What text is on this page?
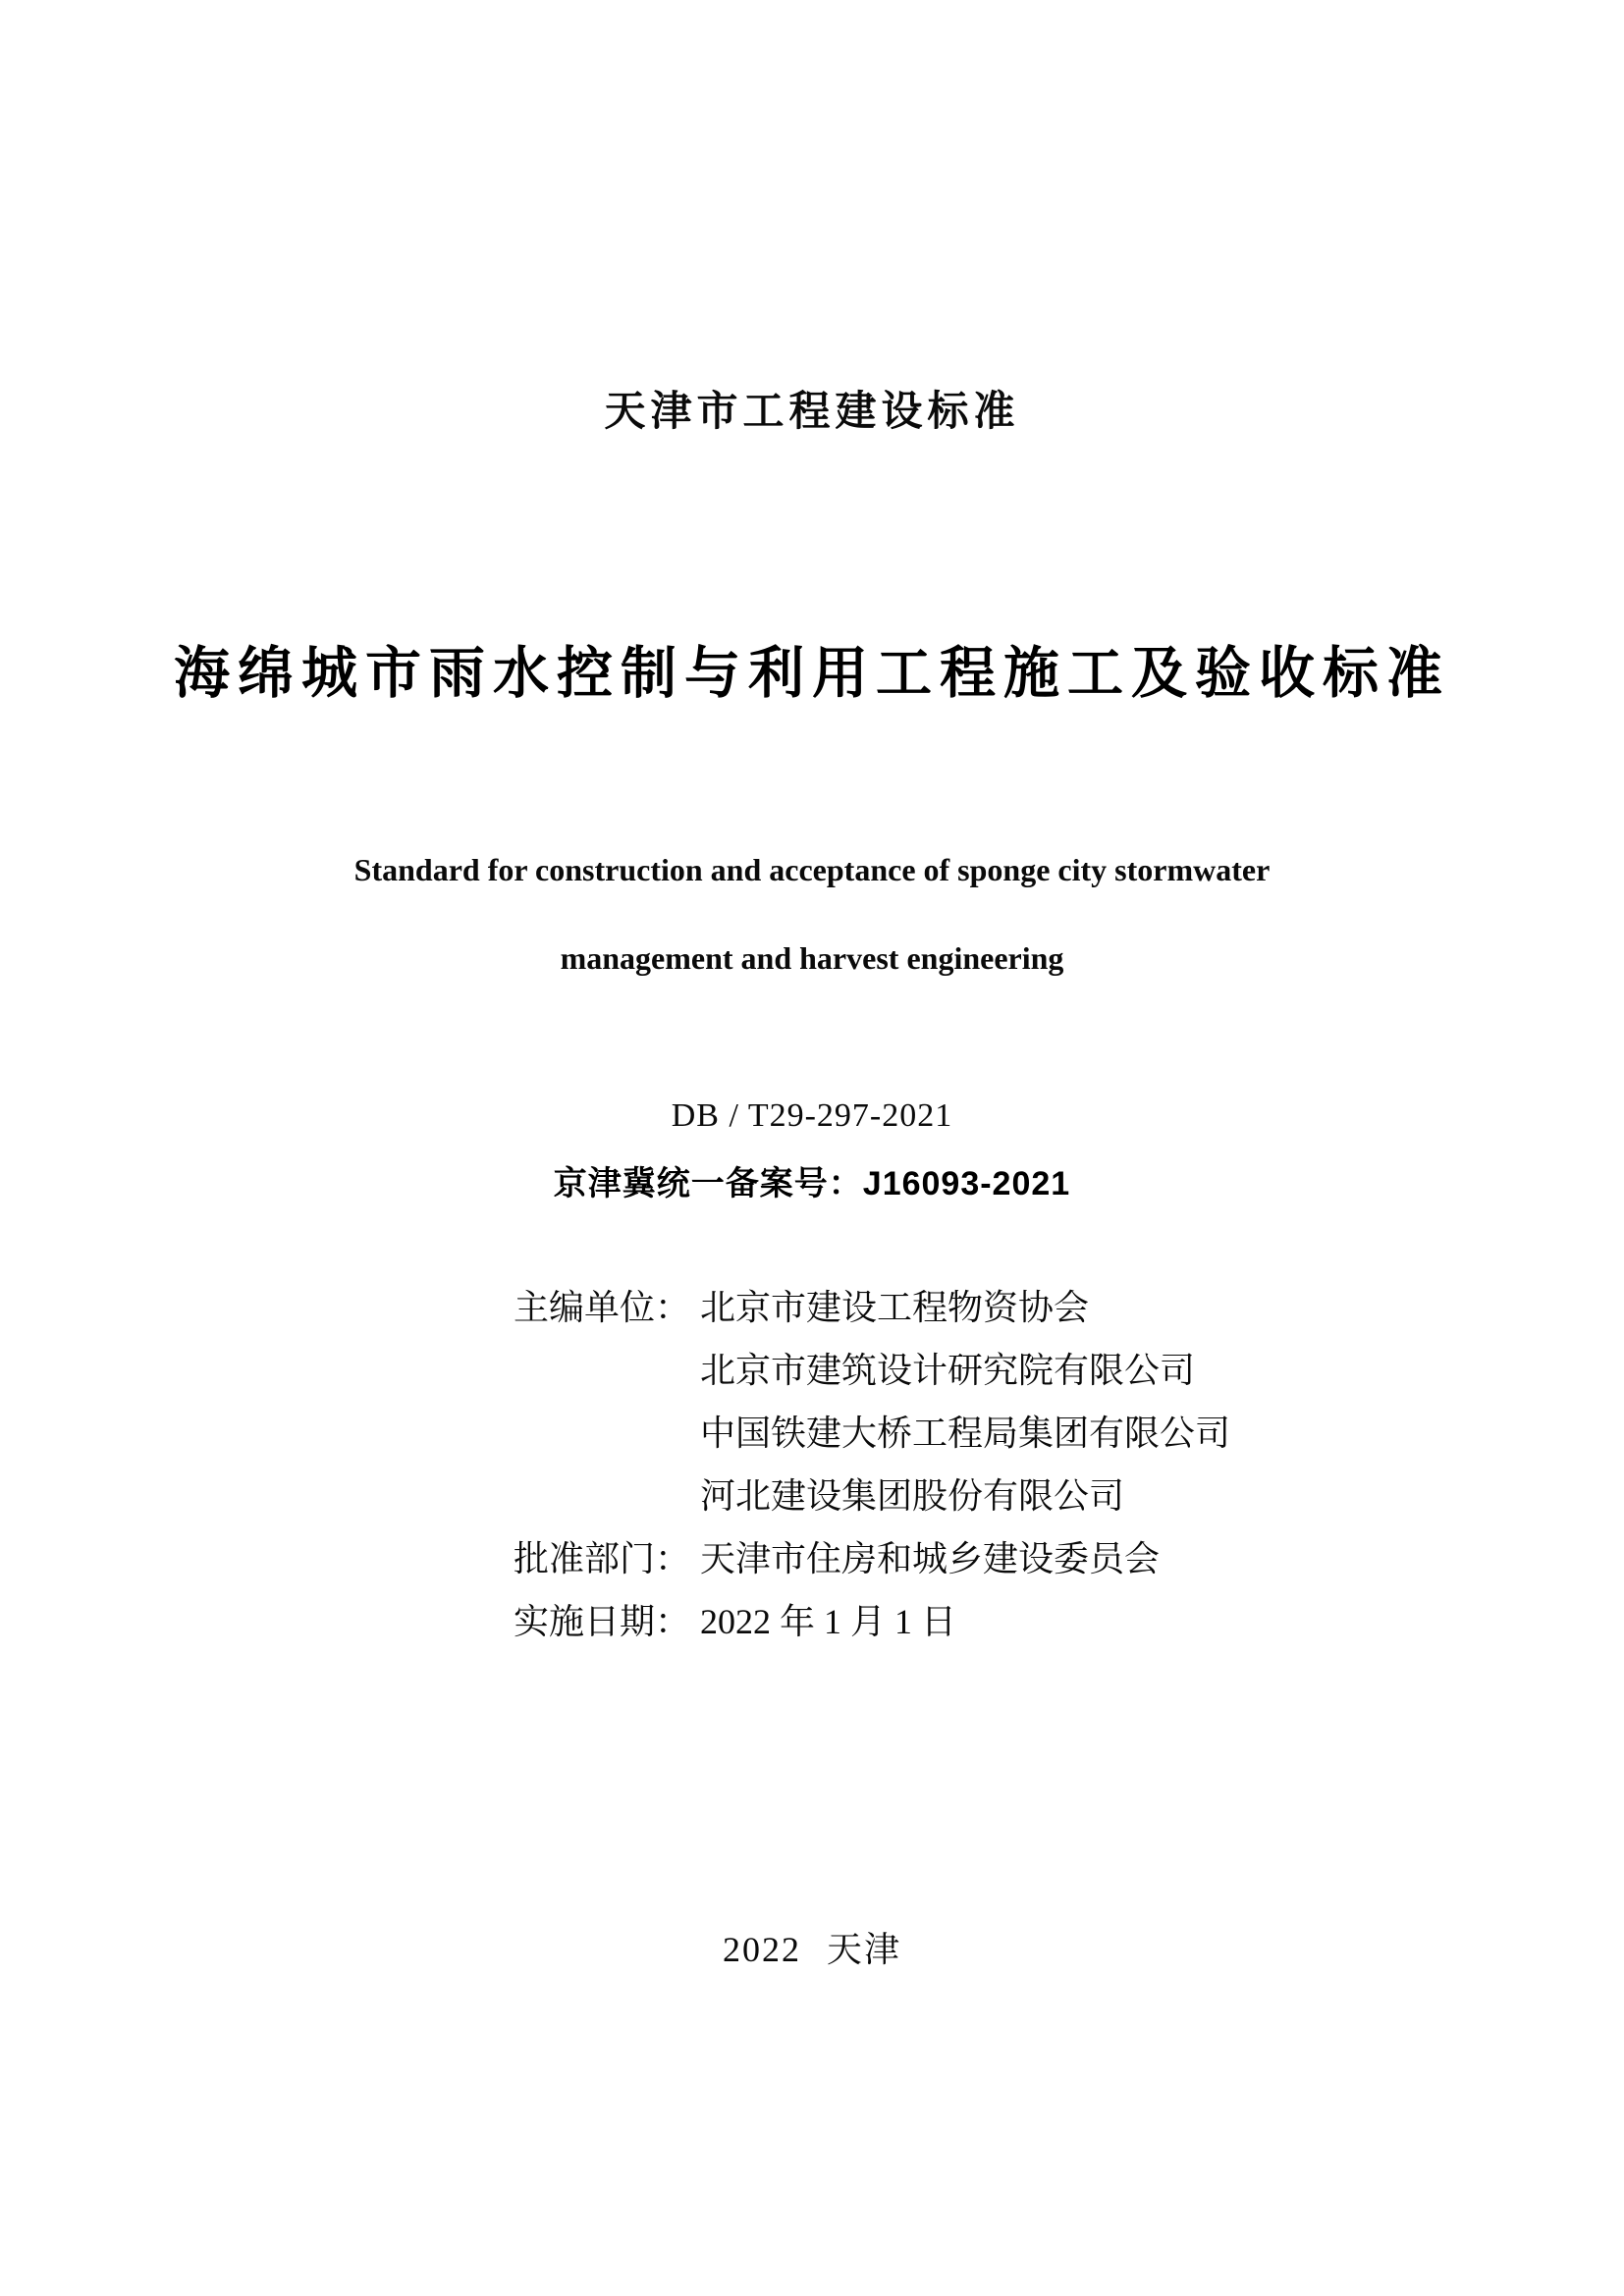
天津市工程建设标准
海绵城市雨水控制与利用工程施工及验收标准
Standard for construction and acceptance of sponge city stormwater
management and harvest engineering
DB / T29-297-2021
京津冀统一备案号：J16093-2021
主编单位： 北京市建设工程物资协会
北京市建筑设计研究院有限公司
中国铁建大桥工程局集团有限公司
河北建设集团股份有限公司
批准部门： 天津市住房和城乡建设委员会
实施日期： 2022 年 1 月 1 日
2022 天津
